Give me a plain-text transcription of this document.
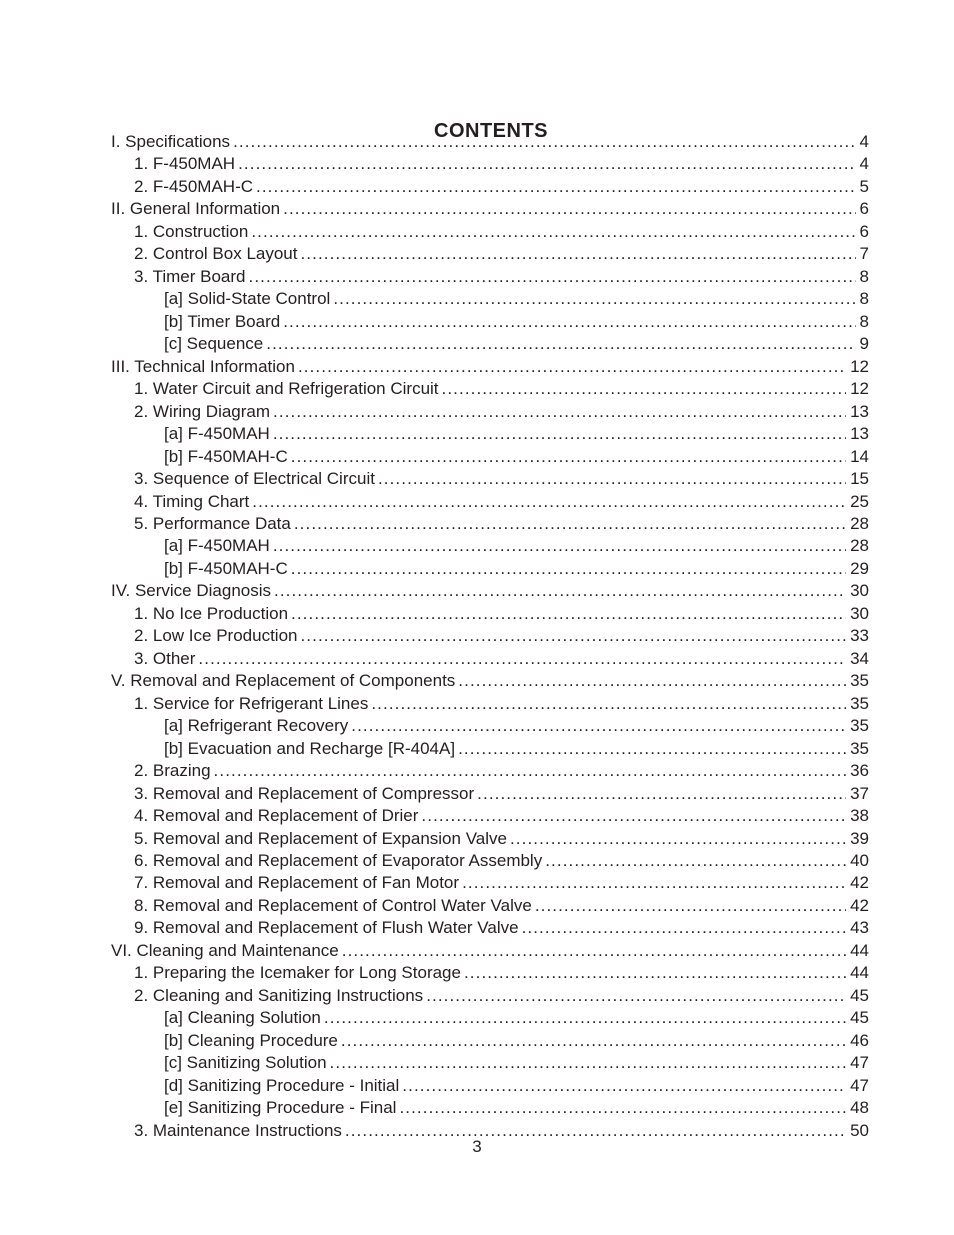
CONTENTS
I. Specifications .....	4
1. F-450MAH .....	4
2. F-450MAH-C .....	5
II. General Information .....	6
1. Construction .....	6
2. Control Box Layout .....	7
3. Timer Board .....	8
[a] Solid-State Control .....	8
[b] Timer Board .....	8
[c] Sequence .....	9
III. Technical Information .....	12
1. Water Circuit and Refrigeration Circuit .....	12
2. Wiring Diagram .....	13
[a] F-450MAH .....	13
[b] F-450MAH-C .....	14
3. Sequence of Electrical Circuit .....	15
4. Timing Chart .....	25
5. Performance Data .....	28
[a] F-450MAH .....	28
[b] F-450MAH-C .....	29
IV. Service Diagnosis .....	30
1. No Ice Production .....	30
2. Low Ice Production .....	33
3. Other .....	34
V. Removal and Replacement of Components .....	35
1. Service for Refrigerant Lines .....	35
[a] Refrigerant Recovery .....	35
[b] Evacuation and Recharge [R-404A] .....	35
2. Brazing .....	36
3. Removal and Replacement of Compressor .....	37
4. Removal and Replacement of Drier .....	38
5. Removal and Replacement of Expansion Valve .....	39
6. Removal and Replacement of Evaporator Assembly .....	40
7. Removal and Replacement of Fan Motor .....	42
8. Removal and Replacement of Control Water Valve .....	42
9. Removal and Replacement of Flush Water Valve .....	43
VI. Cleaning and Maintenance .....	44
1. Preparing the Icemaker for Long Storage .....	44
2. Cleaning and Sanitizing Instructions .....	45
[a] Cleaning Solution .....	45
[b] Cleaning Procedure .....	46
[c] Sanitizing Solution .....	47
[d] Sanitizing Procedure - Initial .....	47
[e] Sanitizing Procedure - Final .....	48
3. Maintenance Instructions .....	50
3
